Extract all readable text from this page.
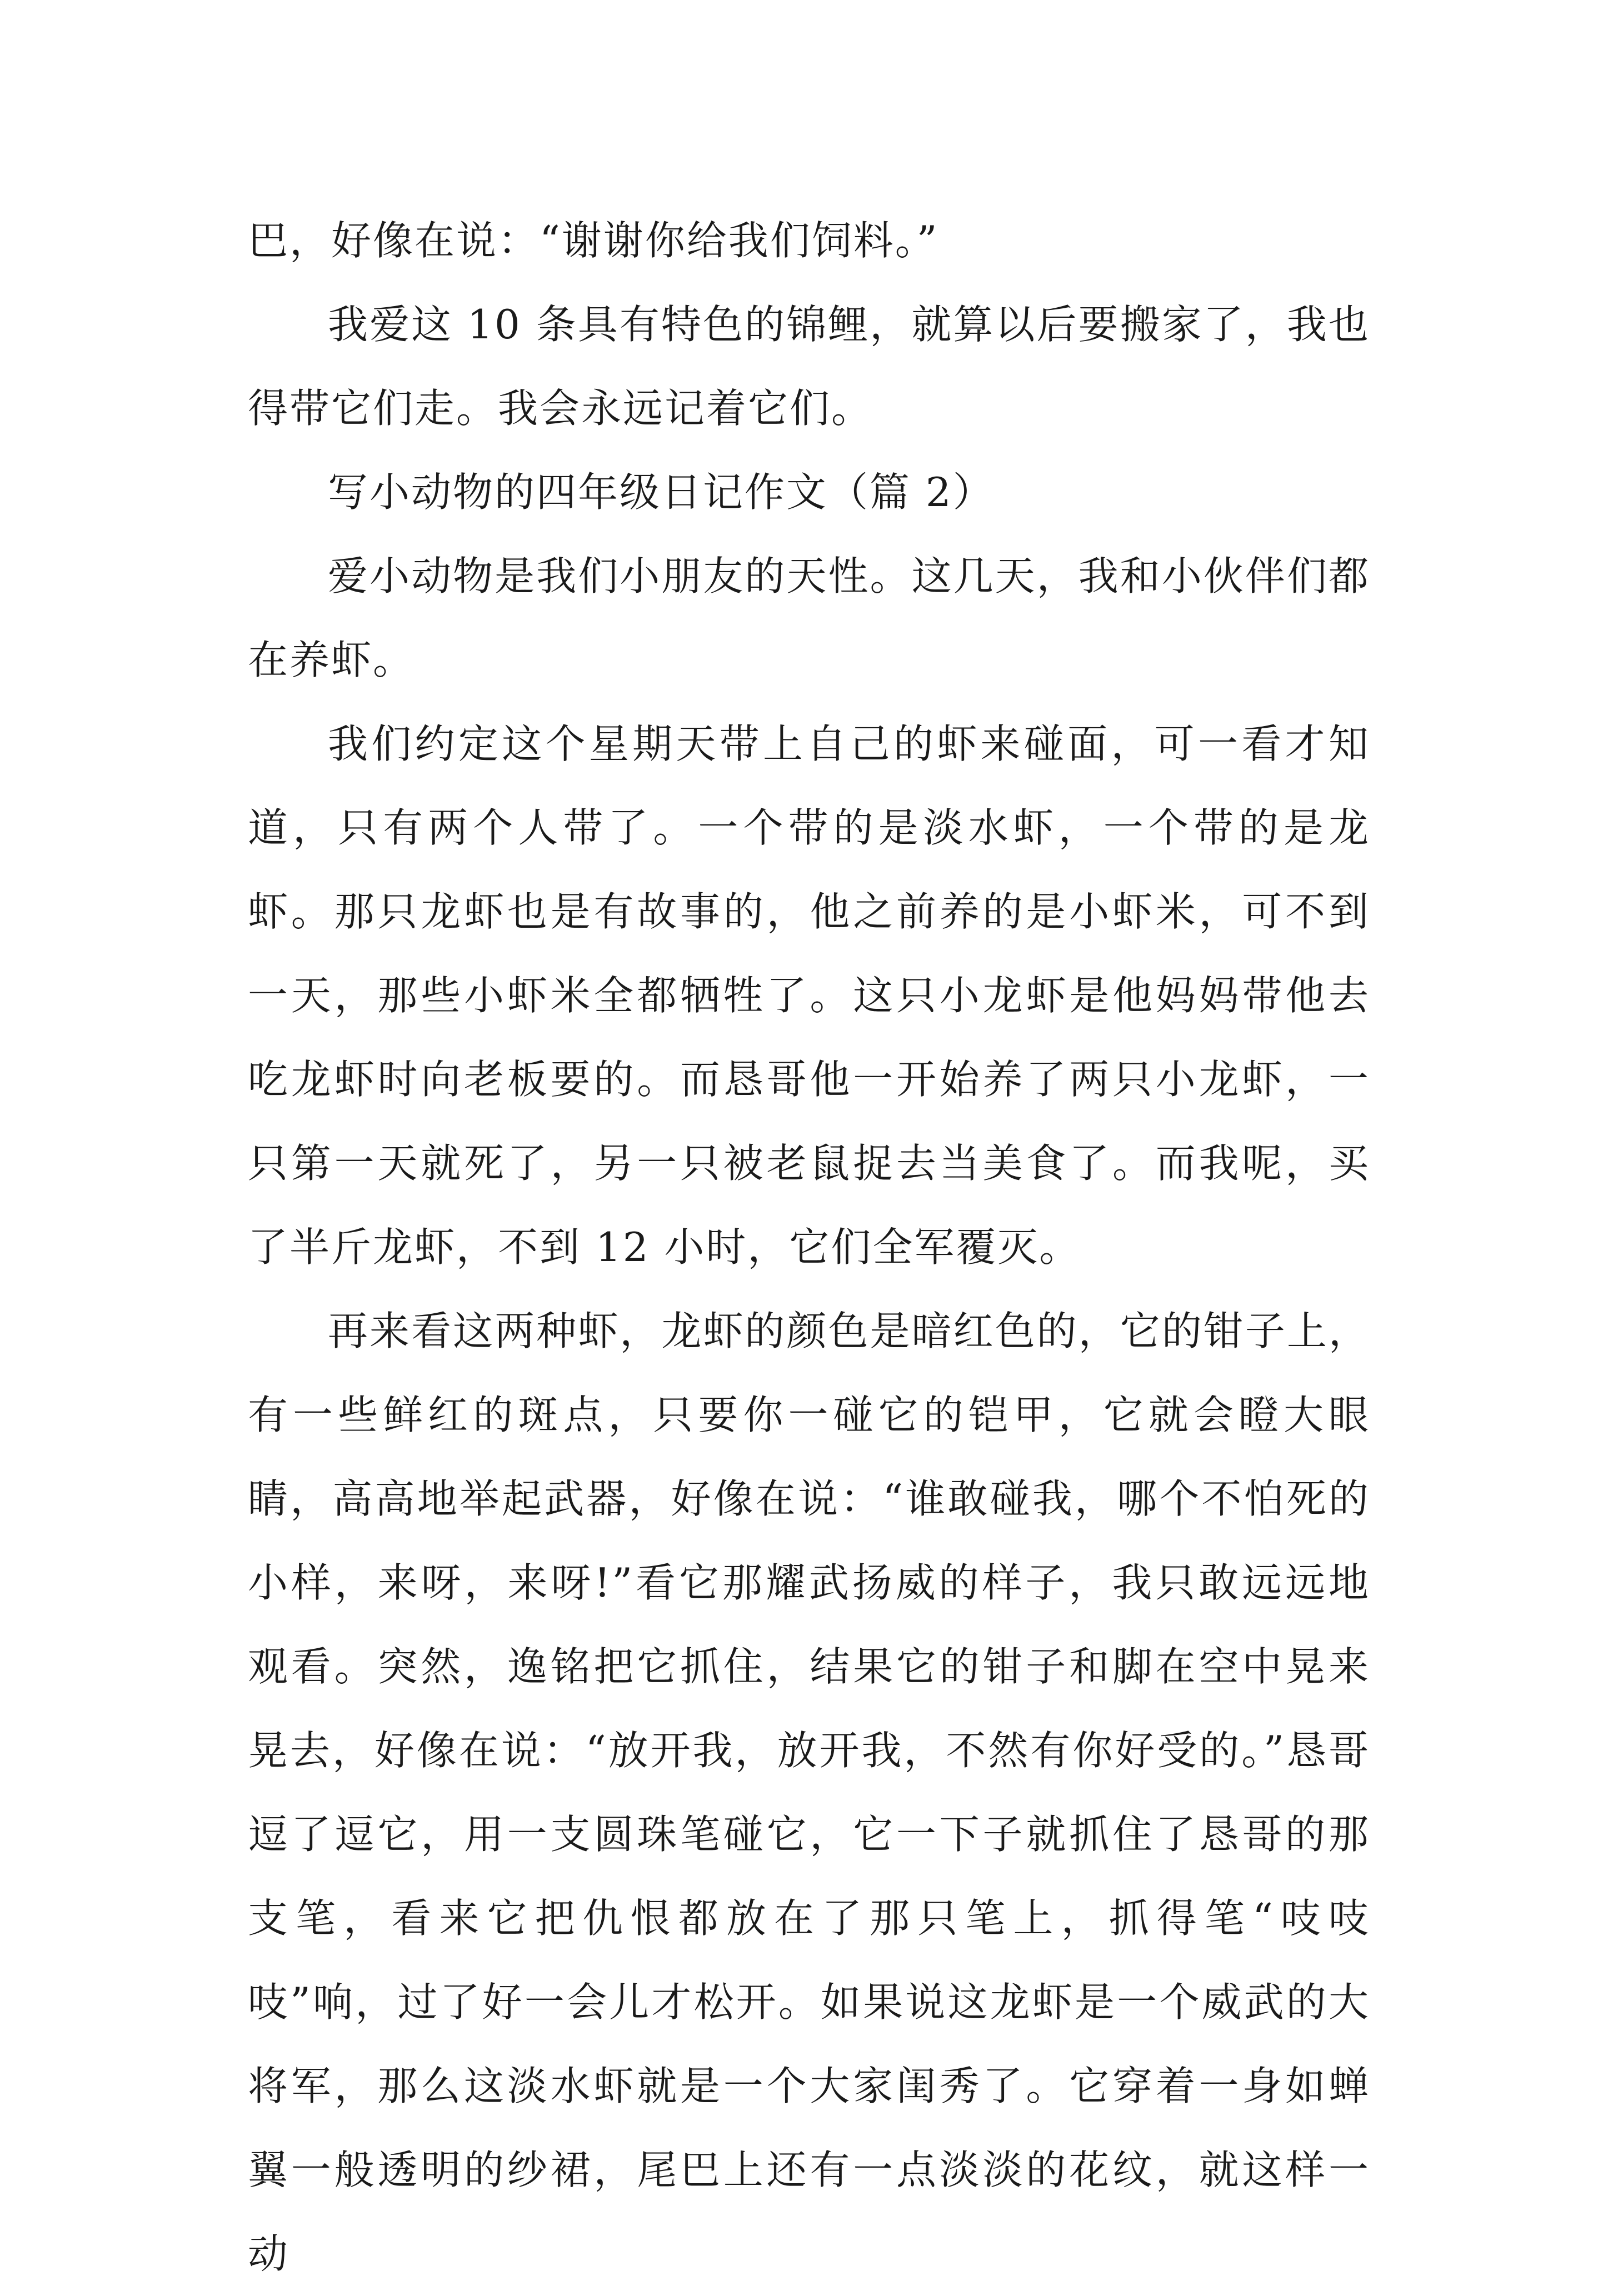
巴，好像在说：“谢谢你给我们饲料。”

我爱这 10 条具有特色的锦鲤，就算以后要搬家了，我也得带它们走。我会永远记着它们。

写小动物的四年级日记作文（篇 2）

爱小动物是我们小朋友的天性。这几天，我和小伙伴们都在养虾。

我们约定这个星期天带上自己的虾来碰面，可一看才知道，只有两个人带了。一个带的是淡水虾，一个带的是龙虾。那只龙虾也是有故事的，他之前养的是小虾米，可不到一天，那些小虾米全都牺牲了。这只小龙虾是他妈妈带他去吃龙虾时向老板要的。而恳哥他一开始养了两只小龙虾，一只第一天就死了，另一只被老鼠捉去当美食了。而我呢，买了半斤龙虾，不到 12 小时，它们全军覆灭。

再来看这两种虾，龙虾的颜色是暗红色的，它的钳子上，有一些鲜红的斑点，只要你一碰它的铠甲，它就会瞪大眼睛，高高地举起武器，好像在说：“谁敢碰我，哪个不怕死的小样，来呀，来呀!”看它那耀武扬威的样子，我只敢远远地观看。突然，逸铭把它抓住，结果它的钳子和脚在空中晃来晃去，好像在说：“放开我，放开我，不然有你好受的。”恳哥逗了逗它，用一支圆珠笔碰它，它一下子就抓住了恳哥的那支笔，看来它把仇恨都放在了那只笔上，抓得笔“吱吱吱”响，过了好一会儿才松开。如果说这龙虾是一个威武的大将军，那么这淡水虾就是一个大家闺秀了。它穿着一身如蝉翼一般透明的纱裙，尾巴上还有一点淡淡的花纹，就这样一动
